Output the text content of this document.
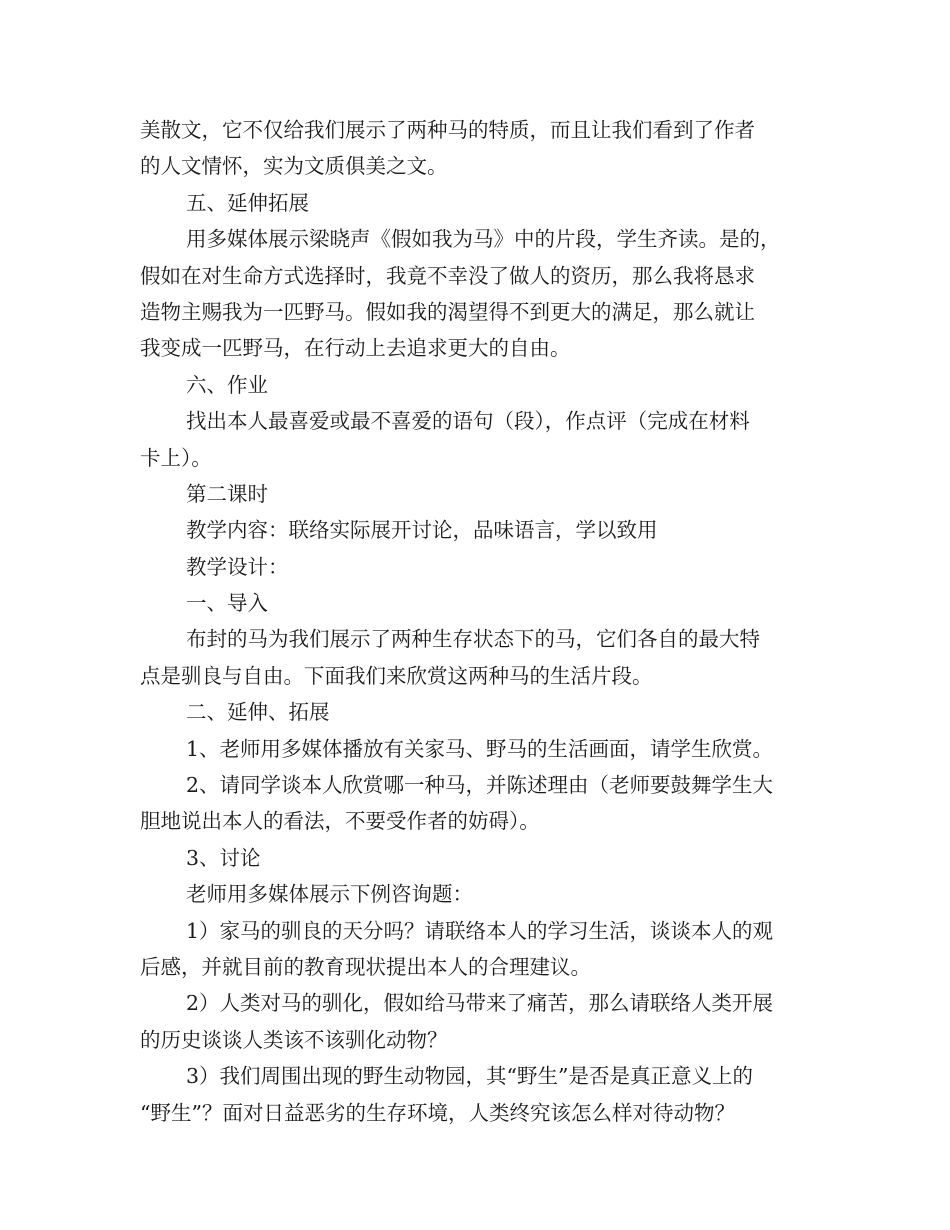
美散文，它不仅给我们展示了两种马的特质，而且让我们看到了作者
的人文情怀，实为文质俱美之文。
五、延伸拓展
用多媒体展示梁晓声《假如我为马》中的片段，学生齐读。是的，
假如在对生命方式选择时，我竟不幸没了做人的资历，那么我将恳求
造物主赐我为一匹野马。假如我的渴望得不到更大的满足，那么就让
我变成一匹野马，在行动上去追求更大的自由。
六、作业
找出本人最喜爱或最不喜爱的语句（段），作点评（完成在材料
卡上）。
第二课时
教学内容：联络实际展开讨论，品味语言，学以致用
教学设计：
一、导入
布封的马为我们展示了两种生存状态下的马，它们各自的最大特
点是驯良与自由。下面我们来欣赏这两种马的生活片段。
二、延伸、拓展
1、老师用多媒体播放有关家马、野马的生活画面，请学生欣赏。
2、请同学谈本人欣赏哪一种马，并陈述理由（老师要鼓舞学生大
胆地说出本人的看法，不要受作者的妨碍）。
3、讨论
老师用多媒体展示下例咨询题：
1）家马的驯良的天分吗？请联络本人的学习生活，谈谈本人的观
后感，并就目前的教育现状提出本人的合理建议。
2）人类对马的驯化，假如给马带来了痛苦，那么请联络人类开展
的历史谈谈人类该不该驯化动物？
3）我们周围出现的野生动物园，其“野生”是否是真正意义上的
“野生”？面对日益恶劣的生存环境，人类终究该怎么样对待动物？
